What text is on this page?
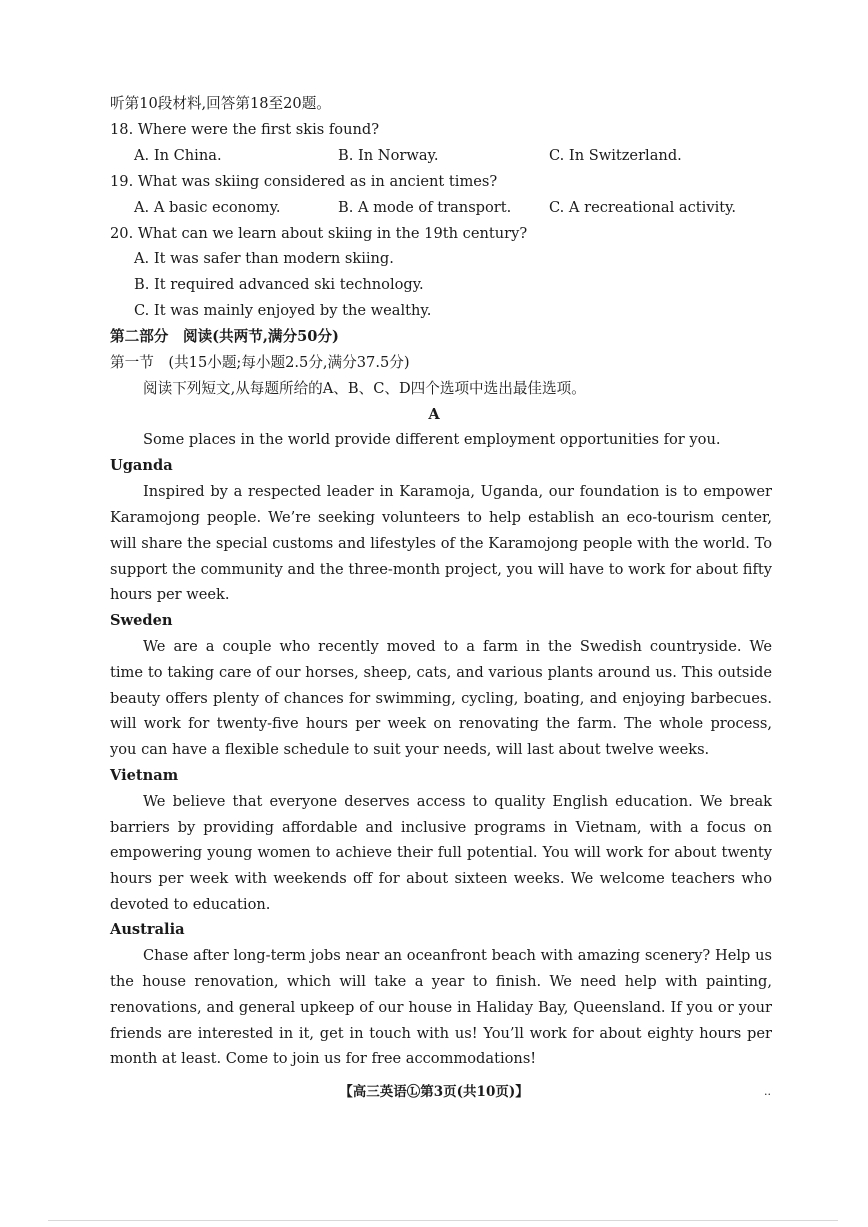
听第10段材料,回答第18至20题。
18. Where were the first skis found?
A. In China.	B. In Norway.	C. In Switzerland.
19. What was skiing considered as in ancient times?
A. A basic economy.	B. A mode of transport.	C. A recreational activity.
20. What can we learn about skiing in the 19th century?
A. It was safer than modern skiing.
B. It required advanced ski technology.
C. It was mainly enjoyed by the wealthy.
第二部分　阅读(共两节,满分50分)
第一节　(共15小题;每小题2.5分,满分37.5分)
阅读下列短文,从每题所给的A、B、C、D四个选项中选出最佳选项。
A
Some places in the world provide different employment opportunities for you.
Uganda
Inspired by a respected leader in Karamoja, Uganda, our foundation is to empower
Karamojong people. We’re seeking volunteers to help establish an eco-tourism center,
will share the special customs and lifestyles of the Karamojong people with the world. To
support the community and the three-month project, you will have to work for about fifty
hours per week.
Sweden
We are a couple who recently moved to a farm in the Swedish countryside. We
time to taking care of our horses, sheep, cats, and various plants around us. This outside
beauty offers plenty of chances for swimming, cycling, boating, and enjoying barbecues.
will work for twenty-five hours per week on renovating the farm. The whole process,
you can have a flexible schedule to suit your needs, will last about twelve weeks.
Vietnam
We believe that everyone deserves access to quality English education. We break
barriers by providing affordable and inclusive programs in Vietnam, with a focus on
empowering young women to achieve their full potential. You will work for about twenty
hours per week with weekends off for about sixteen weeks. We welcome teachers who
devoted to education.
Australia
Chase after long-term jobs near an oceanfront beach with amazing scenery? Help us
the house renovation, which will take a year to finish. We need help with painting,
renovations, and general upkeep of our house in Haliday Bay, Queensland. If you or your
friends are interested in it, get in touch with us! You’ll work for about eighty hours per
month at least. Come to join us for free accommodations!
【高三英语Ⓛ第3页(共10页)】	..
